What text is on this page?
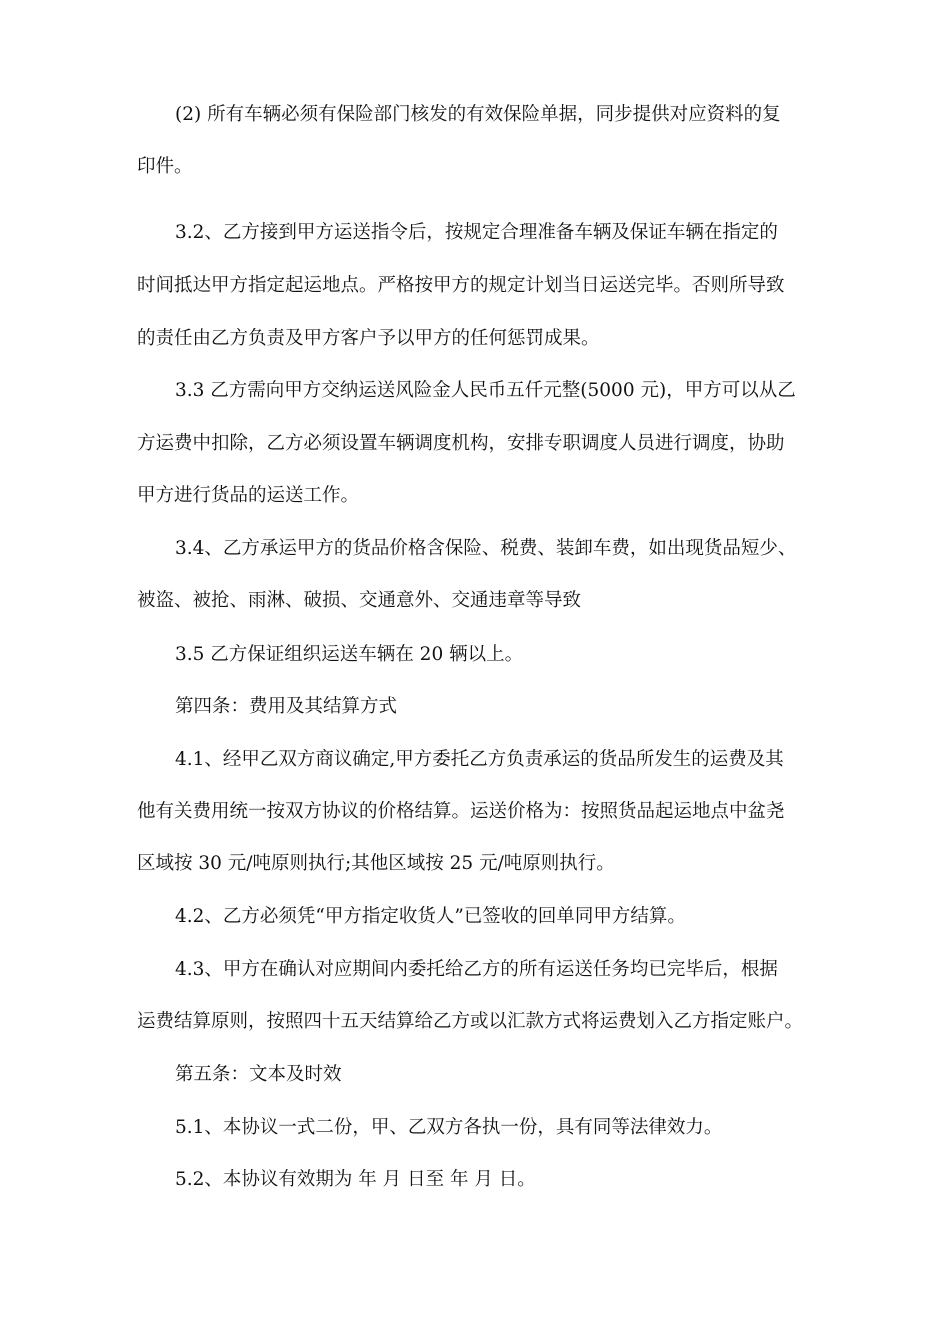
(2) 所有车辆必须有保险部门核发的有效保险单据，同步提供对应资料的复
印件。
3.2、乙方接到甲方运送指令后，按规定合理准备车辆及保证车辆在指定的
时间抵达甲方指定起运地点。严格按甲方的规定计划当日运送完毕。否则所导致
的责任由乙方负责及甲方客户予以甲方的任何惩罚成果。
3.3 乙方需向甲方交纳运送风险金人民币五仟元整(5000 元)，甲方可以从乙
方运费中扣除，乙方必须设置车辆调度机构，安排专职调度人员进行调度，协助
甲方进行货品的运送工作。
3.4、乙方承运甲方的货品价格含保险、税费、装卸车费，如出现货品短少、
被盗、被抢、雨淋、破损、交通意外、交通违章等导致
3.5 乙方保证组织运送车辆在 20 辆以上。
第四条：费用及其结算方式
4.1、经甲乙双方商议确定,甲方委托乙方负责承运的货品所发生的运费及其
他有关费用统一按双方协议的价格结算。运送价格为：按照货品起运地点中盆尧
区域按 30 元/吨原则执行;其他区域按 25 元/吨原则执行。
4.2、乙方必须凭“甲方指定收货人”已签收的回单同甲方结算。
4.3、甲方在确认对应期间内委托给乙方的所有运送任务均已完毕后，根据
运费结算原则，按照四十五天结算给乙方或以汇款方式将运费划入乙方指定账户。
第五条：文本及时效
5.1、本协议一式二份，甲、乙双方各执一份，具有同等法律效力。
5.2、本协议有效期为 年 月 日至 年 月 日。
